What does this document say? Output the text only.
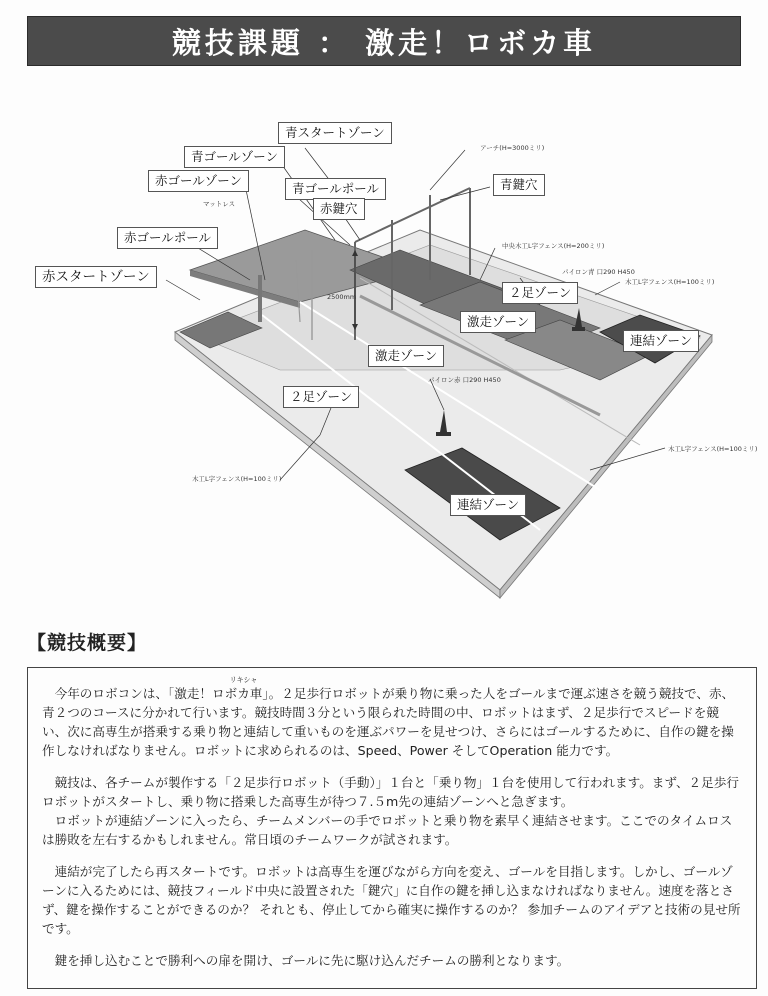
競技課題 ： 激走！ロボカ車
青スタートゾーン
青ゴールゾーン
赤ゴールゾーン
青ゴールポール	青鍵穴
赤鍵穴
赤ゴールポール
赤スタートゾーン
２足ゾーン
激走ゾーン
連結ゾーン
激走ゾーン
２足ゾーン
連結ゾーン
アーチ(H=3000ミリ)
マットレス
中央木工L字フェンス(H=200ミリ)
パイロン青 口290 H450
木工L字フェンス(H=100ミリ)
2500mm
パイロン赤 口290 H450
木工L字フェンス(H=100ミリ)
木工L字フェンス(H=100ミリ)
【競技概要】

今年のロボコンは、「激走！ロボカ車
リキシャ
」。２足歩行ロボットが乗り物に乗った人をゴールまで運ぶ速さを競う競技で、赤、青２つのコースに分かれて行います。競技時間３分という限られた時間の中、ロボットはまず、２足歩行でスピードを競い、次に高専生が搭乗する乗り物と連結して重いものを運ぶパワーを見せつけ、さらにはゴールするために、自作の鍵を操作しなければなりません。ロボットに求められるのは、Speed、Power そしてOperation 能力です。

競技は、各チームが製作する「２足歩行ロボット（手動）」１台と「乗り物」１台を使用して行われます。まず、２足歩行ロボットがスタートし、乗り物に搭乗した高専生が待つ７.５m先の連結ゾーンへと急ぎます。

ロボットが連結ゾーンに入ったら、チームメンバーの手でロボットと乗り物を素早く連結させます。ここでのタイムロスは勝敗を左右するかもしれません。常日頃のチームワークが試されます。

連結が完了したら再スタートです。ロボットは高専生を運びながら方向を変え、ゴールを目指します。しかし、ゴールゾーンに入るためには、競技フィールド中央に設置された「鍵穴」に自作の鍵を挿し込まなければなりません。速度を落とさず、鍵を操作することができるのか？ それとも、停止してから確実に操作するのか？ 参加チームのアイデアと技術の見せ所です。

鍵を挿し込むことで勝利への扉を開け、ゴールに先に駆け込んだチームの勝利となります。
